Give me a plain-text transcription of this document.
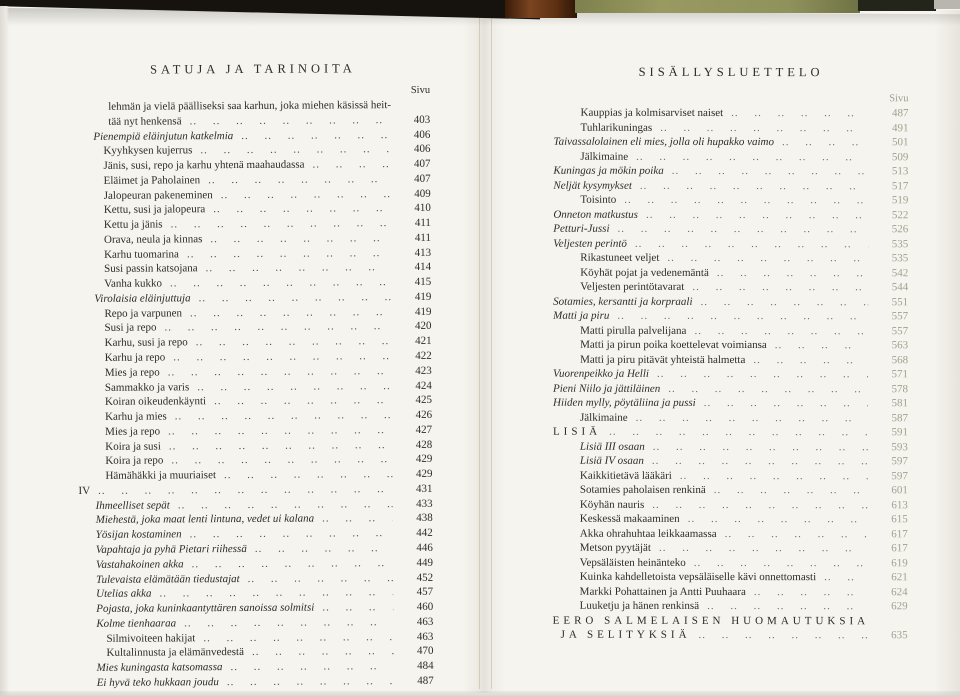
SATUJA JA TARINOITA
Sivu
lehmän ja vielä päälliseksi saa karhun, joka miehen käsissä heit-
tää nyt henkensä ..  .	403
Pienempiä eläinjutun katkelmia ..  .	406
Kyyhkysen kujerrus ..  .	406
Jänis, susi, repo ja karhu yhtenä maahaudassa ..  .	407
Eläimet ja Paholainen ..  .	407
Jalopeuran pakeneminen ..  .	409
Kettu, susi ja jalopeura ..  .	410
Kettu ja jänis ..  .	411
Orava, neula ja kinnas ..  .	411
Karhu tuomarina ..  .	413
Susi passin katsojana ..  .	414
Vanha kukko ..  .	415
Virolaisia eläinjuttuja ..  .	419
Repo ja varpunen ..  .	419
Susi ja repo ..  .	420
Karhu, susi ja repo ..  .	421
Karhu ja repo ..  .	422
Mies ja repo ..  .	423
Sammakko ja varis ..  .	424
Koiran oikeudenkäynti ..  .	425
Karhu ja mies ..  .	426
Mies ja repo ..  .	427
Koira ja susi ..  .	428
Koira ja repo ..  .	429
Hämähäkki ja muuriaiset ..  .	429
IV ..  .	431
Ihmeelliset sepät ..  .	433
Miehestä, joka maat lenti lintuna, vedet ui kalana ..  .	438
Yösijan kostaminen ..  .	442
Vapahtaja ja pyhä Pietari riihessä ..  .	446
Vastahakoinen akka ..  .	449
Tulevaista elämätään tiedustajat ..  .	452
Utelias akka ..  .	457
Pojasta, joka kuninkaantyttären sanoissa solmitsi ..  .	460
Kolme tienhaaraa ..  .	463
Silmivoiteen hakijat ..  .	463
Kultalinnusta ja elämänvedestä ..  .	470
Mies kuningasta katsomassa ..  .	484
Ei hyvä teko hukkaan joudu ..  .	487
SISÄLLYSLUETTELO
Sivu
Kauppias ja kolmisarviset naiset ..  .	487
Tuhlarikuningas ..  .	491
Taivassalolainen eli mies, jolla oli hupakko vaimo ..  .	501
Jälkimaine ..  .	509
Kuningas ja mökin poika ..  .	513
Neljät kysymykset ..  .	517
Toisinto ..  .	519
Onneton matkustus ..  .	522
Petturi-Jussi ..  .	526
Veljesten perintö ..  .	535
Rikastuneet veljet ..  .	535
Köyhät pojat ja vedenemäntä ..  .	542
Veljesten perintötavarat ..  .	544
Sotamies, kersantti ja korpraali ..  .	551
Matti ja piru ..  .	557
Matti pirulla palvelijana ..  .	557
Matti ja pirun poika koettelevat voimiansa ..  .	563
Matti ja piru pitävät yhteistä halmetta ..  .	568
Vuorenpeikko ja Helli ..  .	571
Pieni Niilo ja jättiläinen ..  .	578
Hiiden mylly, pöytäliina ja pussi ..  .	581
Jälkimaine ..  .	587
LISIÄ ..  .	591
Lisiä III osaan ..  .	593
Lisiä IV osaan ..  .	597
Kaikkitietävä lääkäri ..  .	597
Sotamies paholaisen renkinä ..  .	601
Köyhän nauris ..  .	613
Keskessä makaaminen ..  .	615
Akka ohrahuhtaa leikkaamassa ..  .	617
Metson pyytäjät ..  .	617
Vepsäläisten heinänteko ..  .	619
Kuinka kahdelletoista vepsäläiselle kävi onnettomasti ..  .	621
Markki Pohattainen ja Antti Puuhaara ..  .	624
Luuketju ja hänen renkinsä ..  .	629
EERO SALMELAISEN HUOMAUTUKSIA
JA SELITYKSIÄ ..  .	635
